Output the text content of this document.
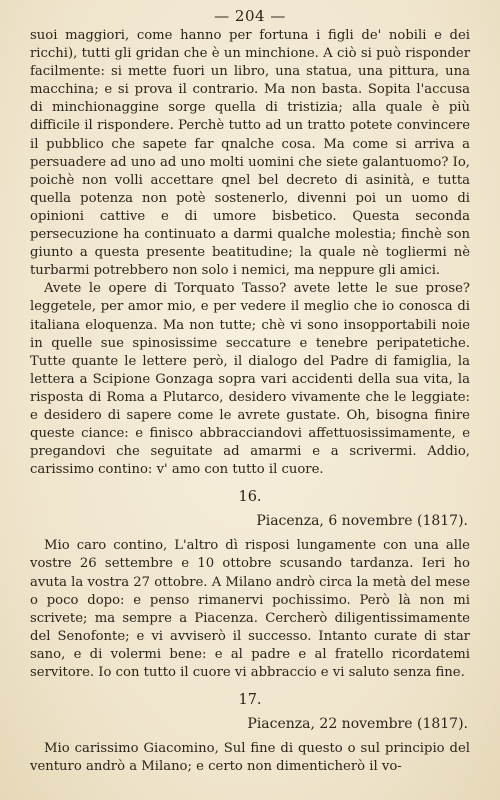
— 204 —

suoi maggiori, come hanno per fortuna i figli de' nobili e dei ricchi), tutti gli gridan che è un minchione. A ciò si può risponder facilmente: si mette fuori un libro, una statua, una pittura, una macchina; e si prova il contrario. Ma non basta. Sopita l'accusa di minchionaggine sorge quella di tristizia; alla quale è più difficile il rispondere. Perchè tutto ad un tratto potete convincere il pubblico che sapete far qnalche cosa. Ma come si arriva a persuadere ad uno ad uno molti uomini che siete galantuomo? Io, poichè non volli accettare qnel bel decreto di asinità, e tutta quella potenza non potè sostenerlo, divenni poi un uomo di opinioni cattive e di umore bisbetico. Questa seconda persecuzione ha continuato a darmi qualche molestia; finchè son giunto a questa presente beatitudine; la quale nè togliermi nè turbarmi potrebbero non solo i nemici, ma neppure gli amici.

Avete le opere di Torquato Tasso? avete lette le sue prose? leggetele, per amor mio, e per vedere il meglio che io conosca di italiana eloquenza. Ma non tutte; chè vi sono insopportabili noie in quelle sue spinosissime seccature e tenebre peripatetiche. Tutte quante le lettere però, il dialogo del Padre di famiglia, la lettera a Scipione Gonzaga sopra vari accidenti della sua vita, la risposta di Roma a Plutarco, desidero vivamente che le leggiate: e desidero di sapere come le avrete gustate. Oh, bisogna finire queste ciance: e finisco abbracciandovi affettuosissimamente, e pregandovi che seguitate ad amarmi e a scrivermi. Addio, carissimo contino: v' amo con tutto il cuore.

16.
Piacenza, 6 novembre (1817).

Mio caro contino, L'altro dì risposi lungamente con una alle vostre 26 settembre e 10 ottobre scusando tardanza. Ieri ho avuta la vostra 27 ottobre. A Milano andrò circa la metà del mese o poco dopo: e penso rimanervi pochissimo. Però là non mi scrivete; ma sempre a Piacenza. Cercherò diligentissimamente del Senofonte; e vi avviserò il successo. Intanto curate di star sano, e di volermi bene: e al padre e al fratello ricordatemi servitore. Io con tutto il cuore vi abbraccio e vi saluto senza fine.

17.
Piacenza, 22 novembre (1817).

Mio carissimo Giacomino, Sul fine di questo o sul principio del venturo andrò a Milano; e certo non dimenticherò il vo-
